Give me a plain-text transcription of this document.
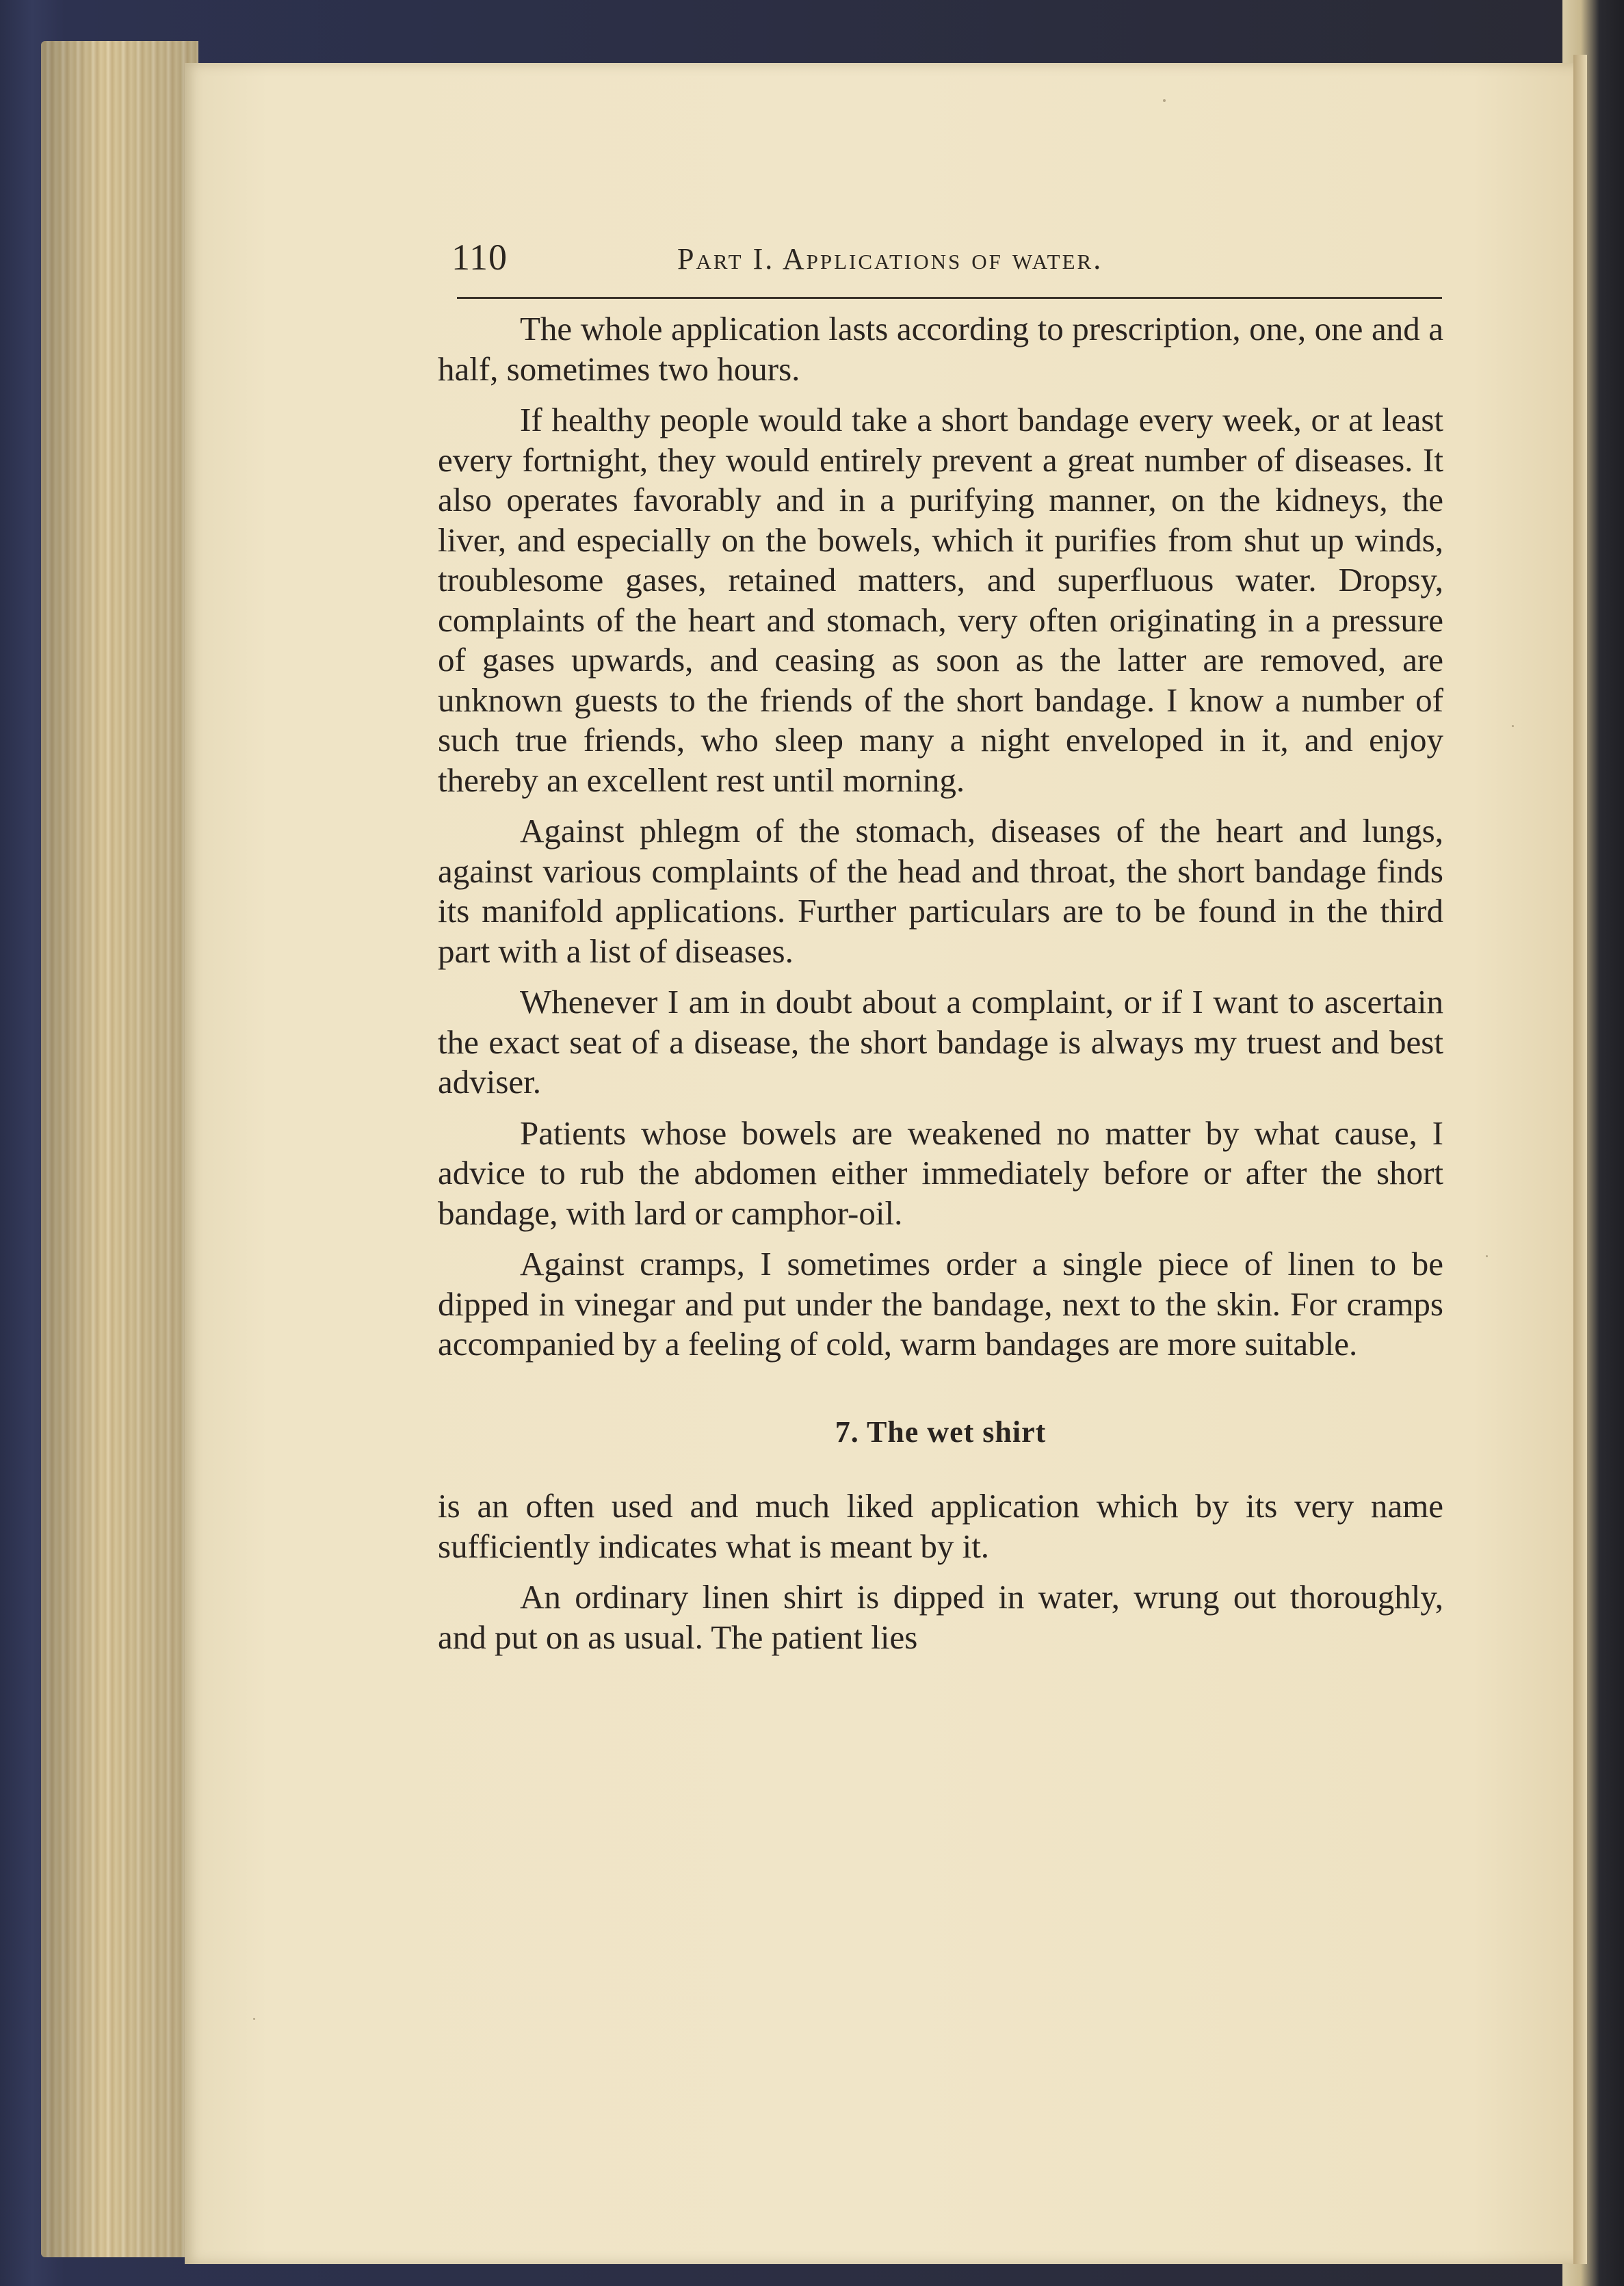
110	Part I. Applications of water.

The whole application lasts according to prescription, one, one and a half, sometimes two hours.

If healthy people would take a short bandage every week, or at least every fortnight, they would entirely prevent a great number of diseases. It also operates favorably and in a purifying manner, on the kidneys, the liver, and especially on the bowels, which it purifies from shut up winds, troublesome gases, retained matters, and superfluous water. Dropsy, complaints of the heart and stomach, very often originating in a pressure of gases upwards, and ceasing as soon as the latter are removed, are unknown guests to the friends of the short bandage. I know a number of such true friends, who sleep many a night enveloped in it, and enjoy thereby an excellent rest until morning.

Against phlegm of the stomach, diseases of the heart and lungs, against various complaints of the head and throat, the short bandage finds its manifold applications. Further particulars are to be found in the third part with a list of diseases.

Whenever I am in doubt about a complaint, or if I want to ascertain the exact seat of a disease, the short bandage is always my truest and best adviser.

Patients whose bowels are weakened no matter by what cause, I advice to rub the abdomen either immediately before or after the short bandage, with lard or camphor-oil.

Against cramps, I sometimes order a single piece of linen to be dipped in vinegar and put under the bandage, next to the skin. For cramps accompanied by a feeling of cold, warm bandages are more suitable.

7. The wet shirt

is an often used and much liked application which by its very name sufficiently indicates what is meant by it.

An ordinary linen shirt is dipped in water, wrung out thoroughly, and put on as usual. The patient lies
